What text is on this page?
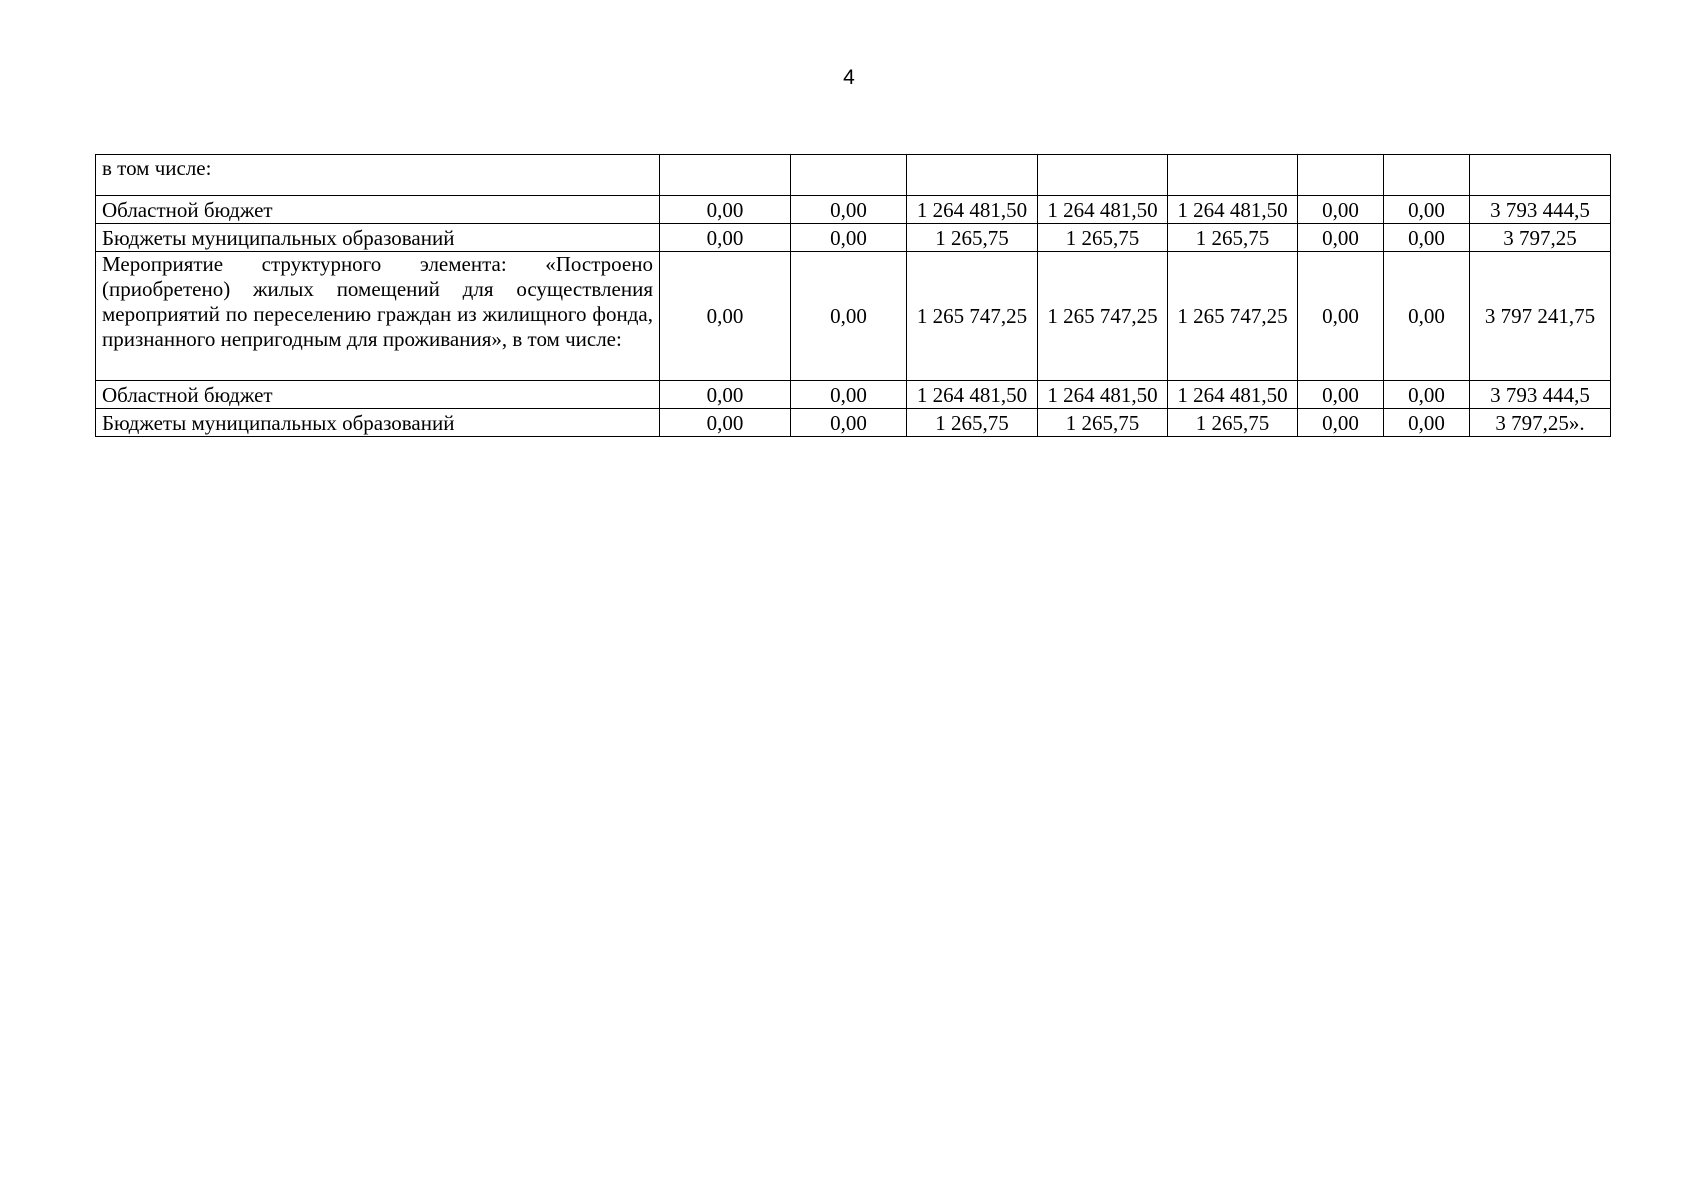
4
в том числе:								
Областной бюджет	0,00	0,00	1 264 481,50	1 264 481,50	1 264 481,50	0,00	0,00	3 793 444,5
Бюджеты муниципальных образований	0,00	0,00	1 265,75	1 265,75	1 265,75	0,00	0,00	3 797,25
Мероприятие структурного элемента: «Построено (приобретено) жилых помещений для осуществления мероприятий по переселению граждан из жилищного фонда, признанного непригодным для проживания», в том числе:	0,00	0,00	1 265 747,25	1 265 747,25	1 265 747,25	0,00	0,00	3 797 241,75
Областной бюджет	0,00	0,00	1 264 481,50	1 264 481,50	1 264 481,50	0,00	0,00	3 793 444,5
Бюджеты муниципальных образований	0,00	0,00	1 265,75	1 265,75	1 265,75	0,00	0,00	3 797,25».
